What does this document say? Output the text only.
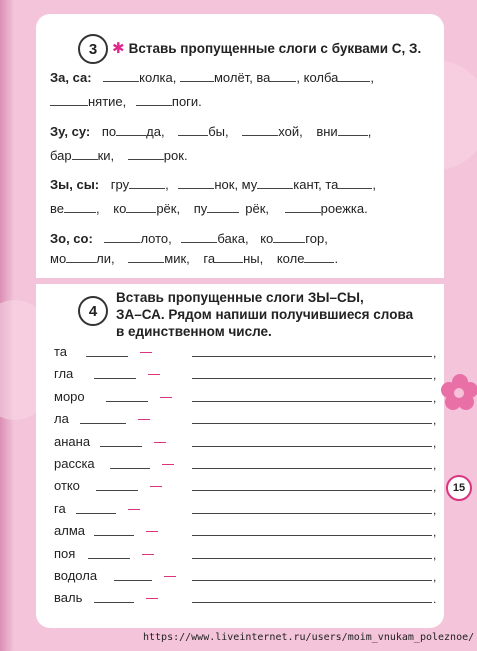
3 ✱ Вставь пропущенные слоги с буквами С, З.
За, са:	колка,	молёт, ва , колба ,
нятие,	поги.
Зу, су: по да,	бы,	хой, вни ,
бар ки,	рок.
Зы, сы: гру	,	нок, му	кант, та	,
ве , ко рёк, пу	рёк,	роежка.
Зо, со:	лото,	бака, ко гор,
мо ли,	мик, га ны, коле .
4
Вставь пропущенные слоги ЗЫ–СЫ,
ЗА–СА. Рядом напиши получившиеся слова
в единственном числе.
та	,
гла	,
моро	,
ла	,
анана	,
расска	,
откo	,
га	,
алма	,
поя	,
водола	,
валь	.
15
https://www.liveinternet.ru/users/moim_vnukam_poleznoe/
